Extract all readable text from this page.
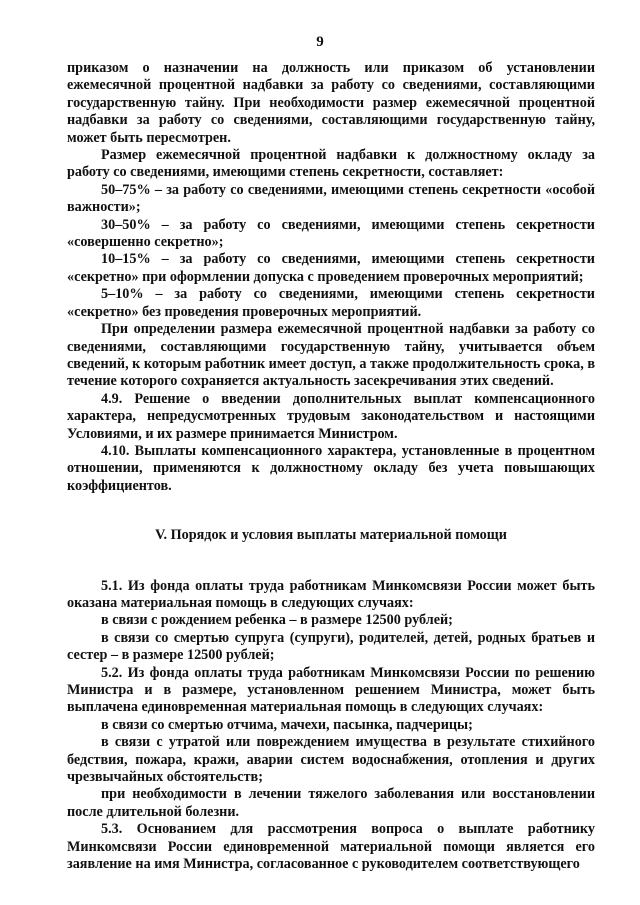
9

приказом о назначении на должность или приказом об установлении ежемесячной процентной надбавки за работу со сведениями, составляющими государственную тайну. При необходимости размер ежемесячной процентной надбавки за работу со сведениями, составляющими государственную тайну, может быть пересмотрен.

Размер ежемесячной процентной надбавки к должностному окладу за работу со сведениями, имеющими степень секретности, составляет:

50–75% – за работу со сведениями, имеющими степень секретности «особой важности»;

30–50% – за работу со сведениями, имеющими степень секретности «совершенно секретно»;

10–15% – за работу со сведениями, имеющими степень секретности «секретно» при оформлении допуска с проведением проверочных мероприятий;

5–10% – за работу со сведениями, имеющими степень секретности «секретно» без проведения проверочных мероприятий.

При определении размера ежемесячной процентной надбавки за работу со сведениями, составляющими государственную тайну, учитывается объем сведений, к которым работник имеет доступ, а также продолжительность срока, в течение которого сохраняется актуальность засекречивания этих сведений.

4.9. Решение о введении дополнительных выплат компенсационного характера, непредусмотренных трудовым законодательством и настоящими Условиями, и их размере принимается Министром.

4.10. Выплаты компенсационного характера, установленные в процентном отношении, применяются к должностному окладу без учета повышающих коэффициентов.

V. Порядок и условия выплаты материальной помощи

5.1. Из фонда оплаты труда работникам Минкомсвязи России может быть оказана материальная помощь в следующих случаях:

в связи с рождением ребенка – в размере 12500 рублей;

в связи со смертью супруга (супруги), родителей, детей, родных братьев и сестер – в размере 12500 рублей;

5.2. Из фонда оплаты труда работникам Минкомсвязи России по решению Министра и в размере, установленном решением Министра, может быть выплачена единовременная материальная помощь в следующих случаях:

в связи со смертью отчима, мачехи, пасынка, падчерицы;

в связи с утратой или повреждением имущества в результате стихийного бедствия, пожара, кражи, аварии систем водоснабжения, отопления и других чрезвычайных обстоятельств;

при необходимости в лечении тяжелого заболевания или восстановлении после длительной болезни.

5.3. Основанием для рассмотрения вопроса о выплате работнику Минкомсвязи России единовременной материальной помощи является его заявление на имя Министра, согласованное с руководителем соответствующего
